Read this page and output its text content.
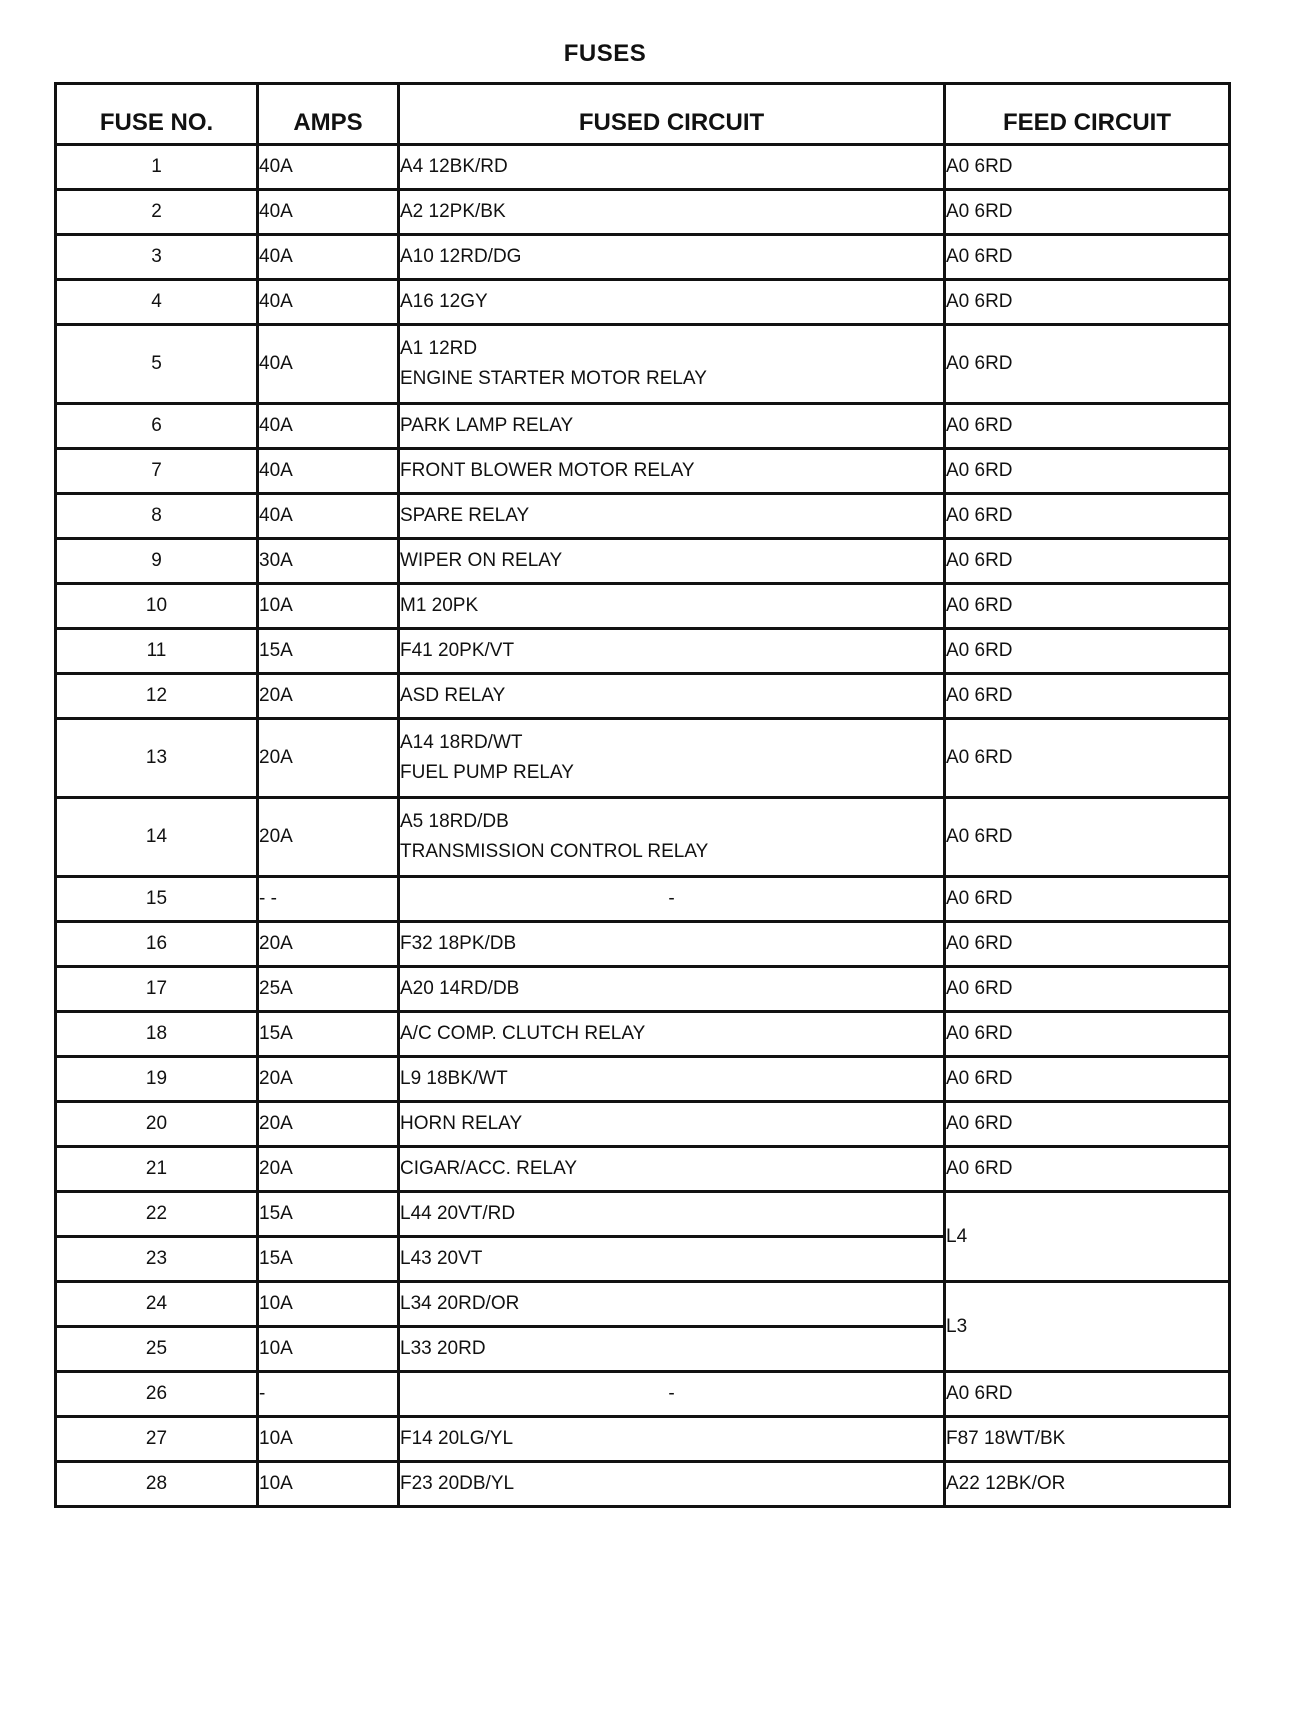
FUSES
FUSE NO.	AMPS	FUSED CIRCUIT	FEED CIRCUIT
1	40A	A4 12BK/RD	A0 6RD
2	40A	A2 12PK/BK	A0 6RD
3	40A	A10 12RD/DG	A0 6RD
4	40A	A16 12GY	A0 6RD
5	40A	A1 12RD
ENGINE STARTER MOTOR RELAY	A0 6RD
6	40A	PARK LAMP RELAY	A0 6RD
7	40A	FRONT BLOWER MOTOR RELAY	A0 6RD
8	40A	SPARE RELAY	A0 6RD
9	30A	WIPER ON RELAY	A0 6RD
10	10A	M1 20PK	A0 6RD
11	15A	F41 20PK/VT	A0 6RD
12	20A	ASD RELAY	A0 6RD
13	20A	A14 18RD/WT
FUEL PUMP RELAY	A0 6RD
14	20A	A5 18RD/DB
TRANSMISSION CONTROL RELAY	A0 6RD
15	- -	-	A0 6RD
16	20A	F32 18PK/DB	A0 6RD
17	25A	A20 14RD/DB	A0 6RD
18	15A	A/C COMP. CLUTCH RELAY	A0 6RD
19	20A	L9 18BK/WT	A0 6RD
20	20A	HORN RELAY	A0 6RD
21	20A	CIGAR/ACC. RELAY	A0 6RD
22	15A	L44 20VT/RD	L4
23	15A	L43 20VT	

24	10A	L34 20RD/OR	L3
25	10A	L33 20RD	

26	-	-	A0 6RD
27	10A	F14 20LG/YL	F87 18WT/BK
28	10A	F23 20DB/YL	A22 12BK/OR
